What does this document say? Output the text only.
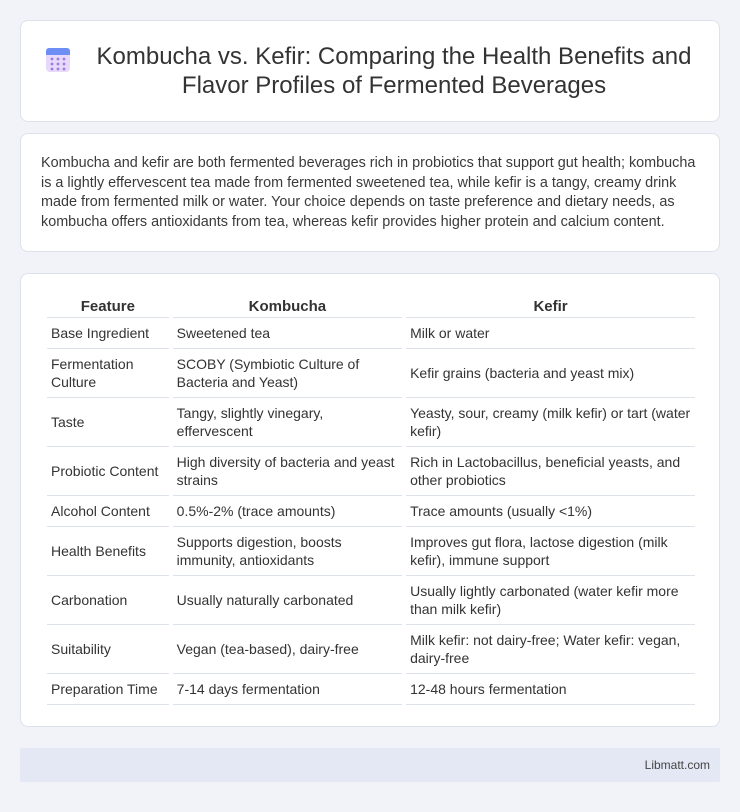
Kombucha vs. Kefir: Comparing the Health Benefits and Flavor Profiles of Fermented Beverages

Kombucha and kefir are both fermented beverages rich in probiotics that support gut health; kombucha is a lightly effervescent tea made from fermented sweetened tea, while kefir is a tangy, creamy drink made from fermented milk or water. Your choice depends on taste preference and dietary needs, as kombucha offers antioxidants from tea, whereas kefir provides higher protein and calcium content.

Feature	Kombucha	Kefir
Base Ingredient	Sweetened tea	Milk or water
Fermentation Culture	SCOBY (Symbiotic Culture of Bacteria and Yeast)	Kefir grains (bacteria and yeast mix)
Taste	Tangy, slightly vinegary, effervescent	Yeasty, sour, creamy (milk kefir) or tart (water kefir)
Probiotic Content	High diversity of bacteria and yeast strains	Rich in Lactobacillus, beneficial yeasts, and other probiotics
Alcohol Content	0.5%-2% (trace amounts)	Trace amounts (usually <1%)
Health Benefits	Supports digestion, boosts immunity, antioxidants	Improves gut flora, lactose digestion (milk kefir), immune support
Carbonation	Usually naturally carbonated	Usually lightly carbonated (water kefir more than milk kefir)
Suitability	Vegan (tea-based), dairy-free	Milk kefir: not dairy-free; Water kefir: vegan, dairy-free
Preparation Time	7-14 days fermentation	12-48 hours fermentation
Libmatt.com
